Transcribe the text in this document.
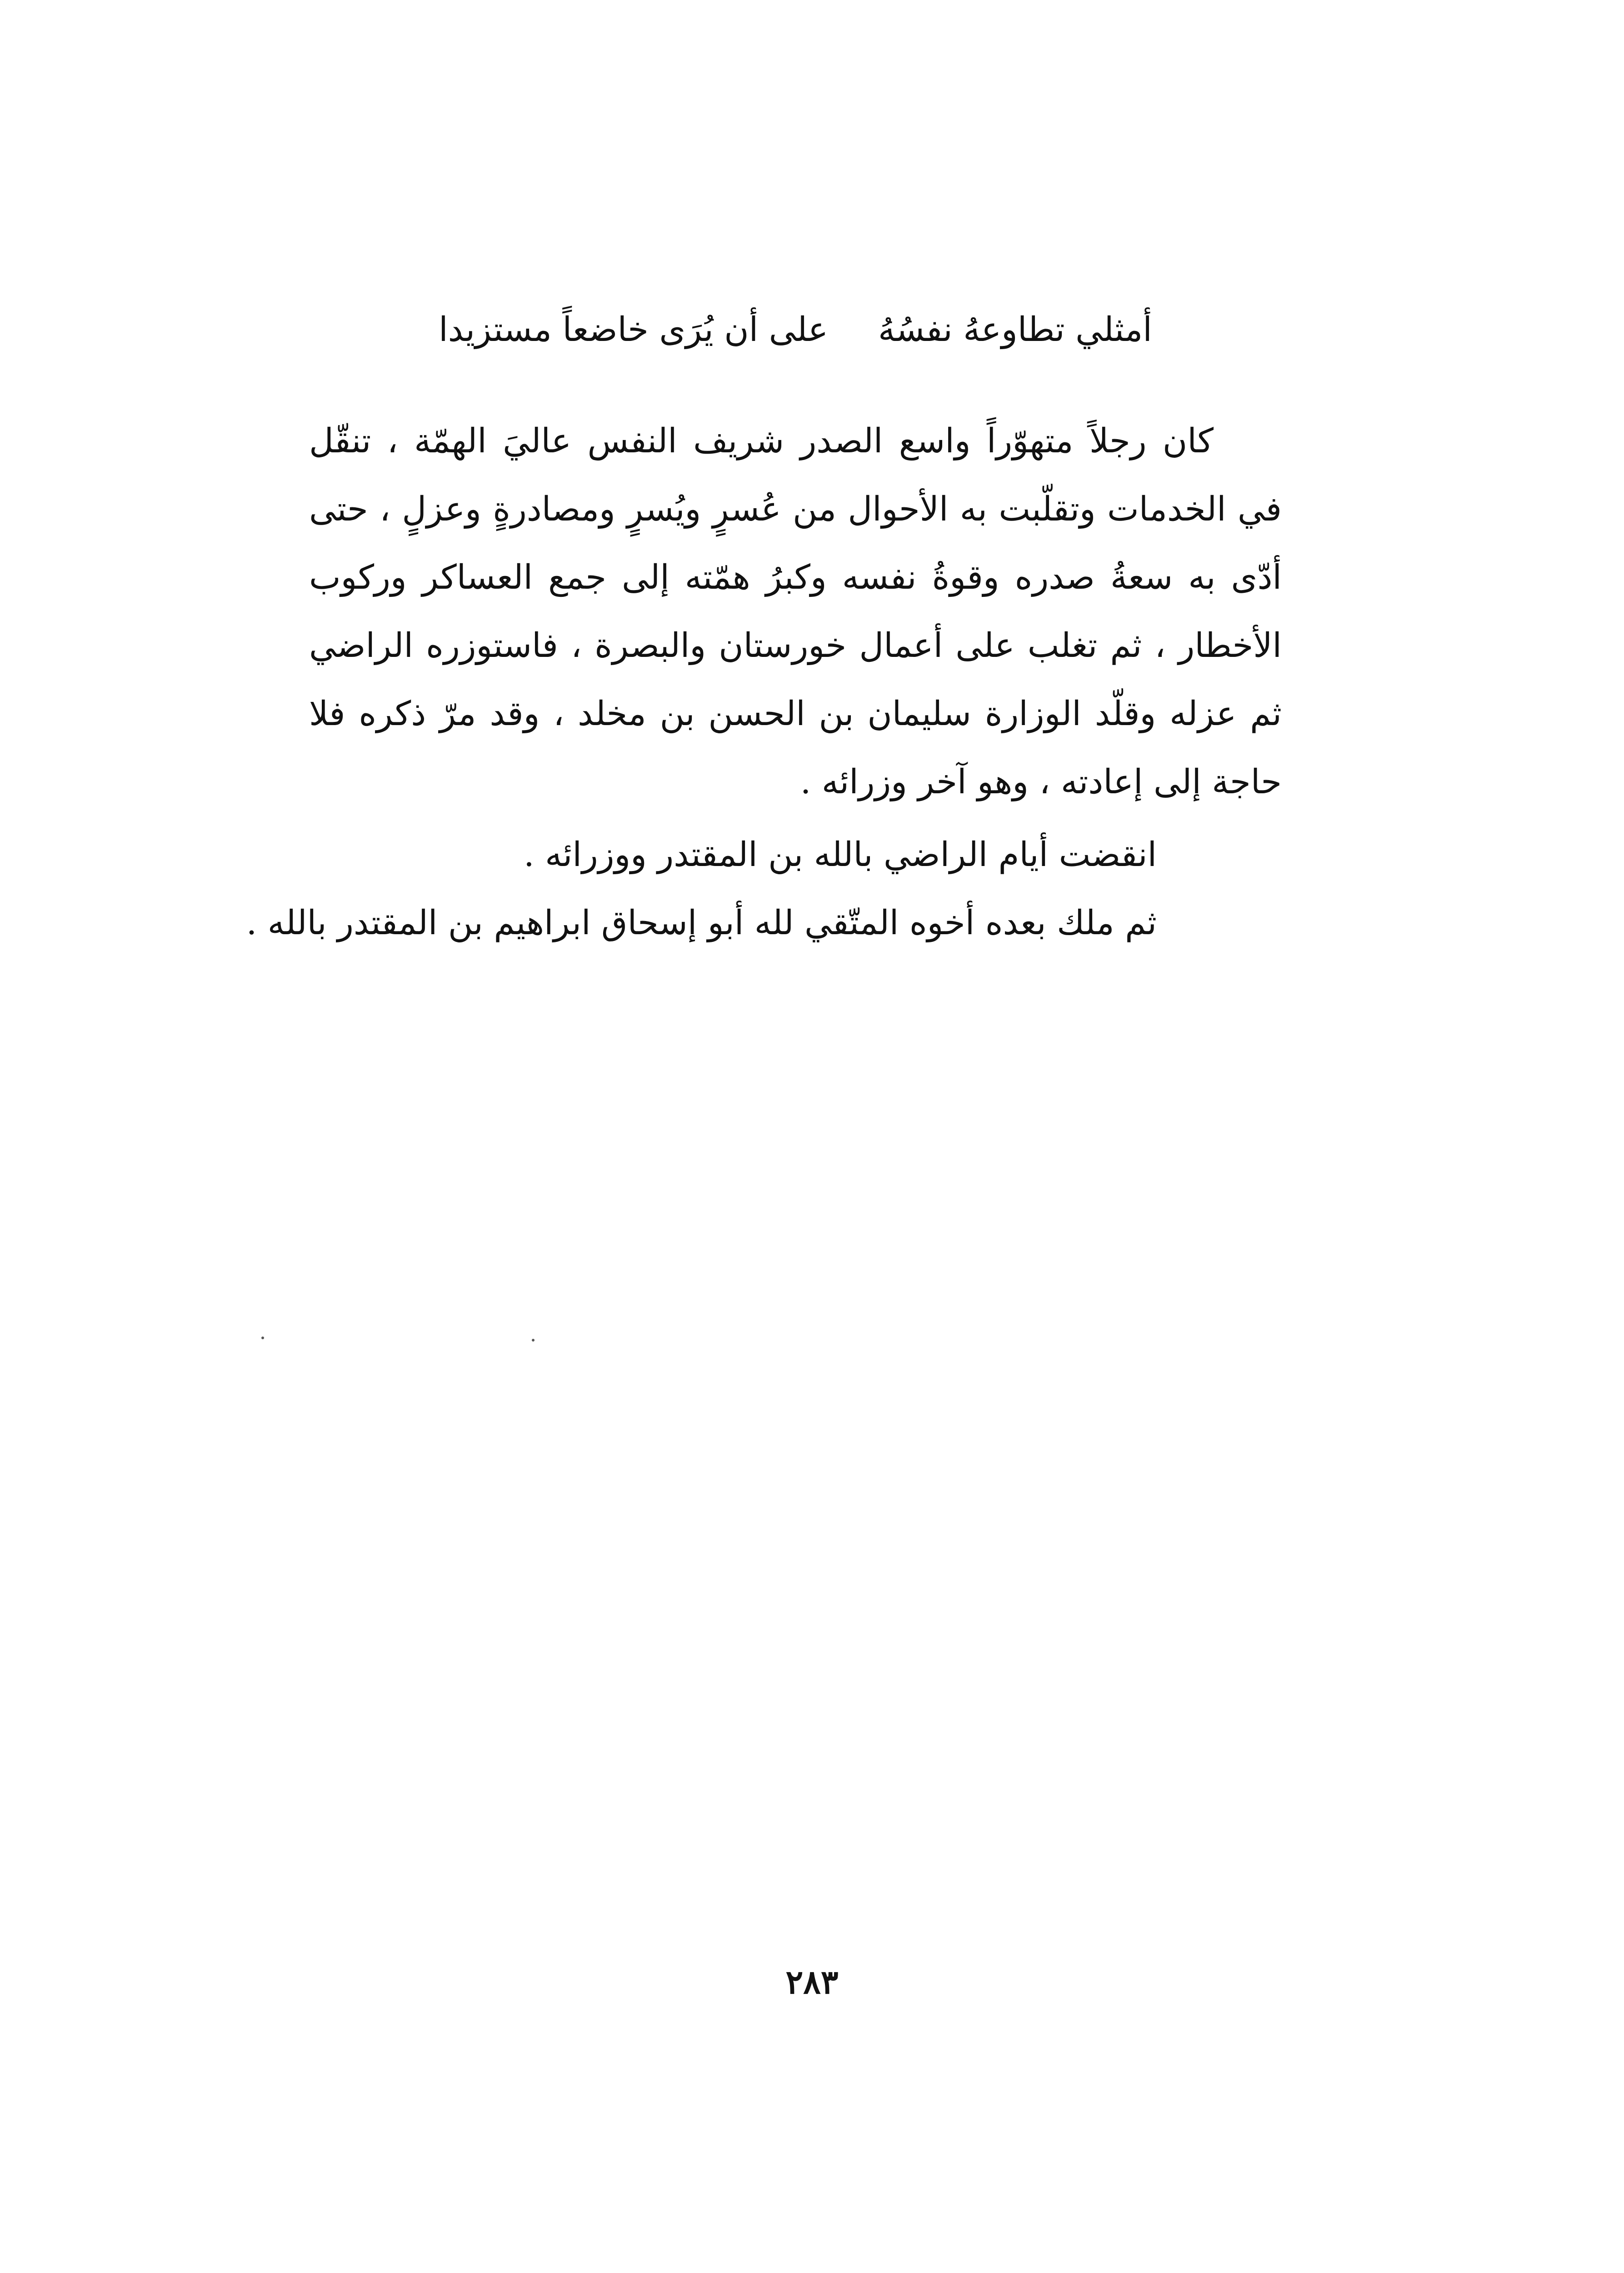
أمثلي تطاوعهُ نفسُهُعلى أن يُرَى خاضعاً مستزيدا
كان رجلاً متهوّراً واسع الصدر شريف النفس عاليَ الهمّة ، تنقّل في الخدمات وتقلّبت به الأحوال من عُسرٍ ويُسرٍ ومصادرةٍ وعزلٍ ، حتى أدّى به سعةُ صدره وقوةُ نفسه وكبرُ همّته إلى جمع العساكر وركوب الأخطار ، ثم تغلب على أعمال خورستان والبصرة ، فاستوزره الراضي ثم عزله وقلّد الوزارة سليمان بن الحسن بن مخلد ، وقد مرّ ذكره فلا حاجة إلى إعادته ، وهو آخر وزرائه .
انقضت أيام الراضي بالله بن المقتدر ووزرائه .
ثم ملك بعده أخوه المتّقي لله أبو إسحاق ابراهيم بن المقتدر بالله .
٢٨٣
